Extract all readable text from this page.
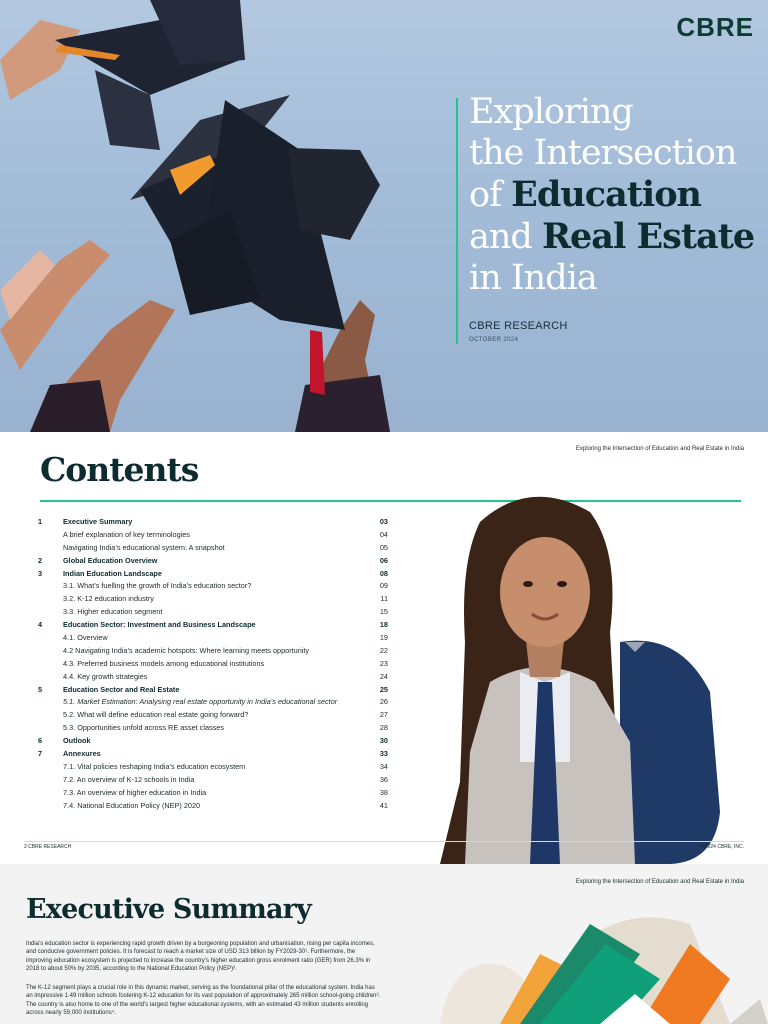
CBRE
Exploring
the Intersection
of Education
and Real Estate
in India
CBRE RESEARCH
OCTOBER 2024
Exploring the Intersection of Education and Real Estate in India
Contents
1	Executive Summary	03
A brief explanation of key terminologies	04
Navigating India’s educational system: A snapshot	05
2	Global Education Overview	06
3	Indian Education Landscape	08
3.1. What’s fuelling the growth of India’s education sector?	09
3.2. K-12 education industry	11
3.3. Higher education segment	15
4	Education Sector: Investment and Business Landscape	18
4.1. Overview	19
4.2 Navigating India’s academic hotspots: Where learning meets opportunity	22
4.3. Preferred business models among educational institutions	23
4.4. Key growth strategies	24
5	Education Sector and Real Estate	25
5.1. Market Estimation: Analysing real estate opportunity in India’s educational sector	26
5.2. What will define education real estate going forward?	27
5.3. Opportunities unfold across RE asset classes	28
6	Outlook	30
7	Annexures	33
7.1. Vital policies reshaping India’s education ecosystem	34
7.2. An overview of K-12 schools in India	36
7.3. An overview of higher education in India	38
7.4. National Education Policy (NEP) 2020	41
2 CBRE RESEARCH	©2024 CBRE, INC.
Exploring the Intersection of Education and Real Estate in India
Executive Summary

India’s education sector is experiencing rapid growth driven by a burgeoning population and urbanisation, rising per capita incomes, and conducive government policies. It is forecast to reach a market size of USD 313 billion by FY2029-30¹. Furthermore, the improving education ecosystem is projected to increase the country’s higher education gross enrolment ratio (GER) from 26.3% in 2018 to about 50% by 2035, according to the National Education Policy (NEP)².

The K-12 segment plays a crucial role in this dynamic market, serving as the foundational pillar of the educational system. India has an impressive 1.49 million schools fostering K-12 education for its vast population of approximately 265 million school-going children³. The country is also home to one of the world’s largest higher educational systems, with an estimated 43 million students enrolling across nearly 59,000 institutions⁴.
